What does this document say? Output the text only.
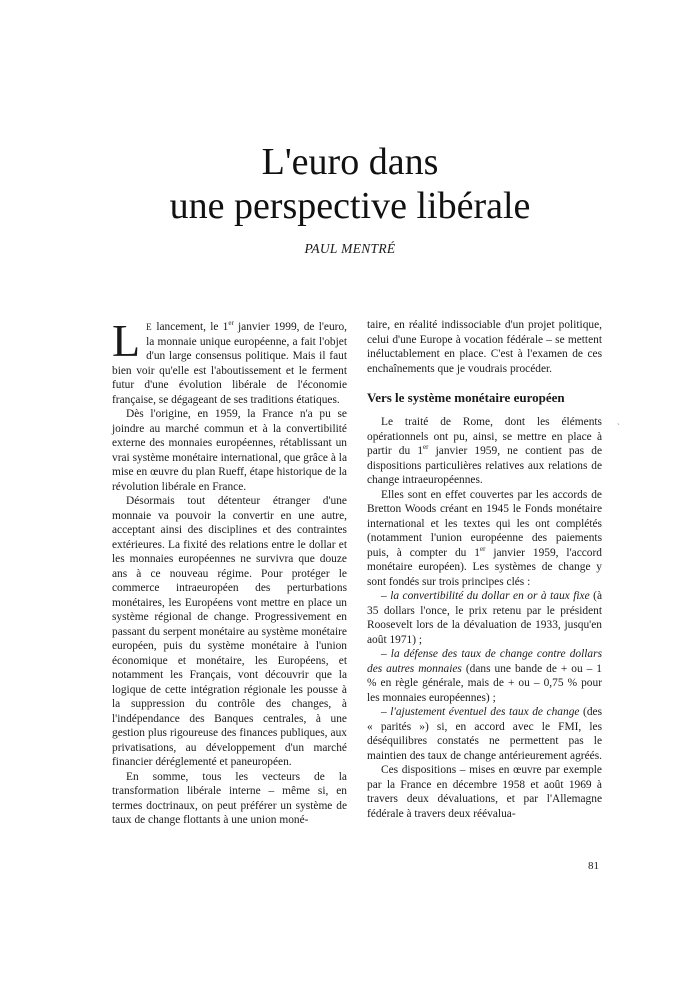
L'euro dans
une perspective libérale
PAUL MENTRÉ

L E lancement, le 1er janvier 1999, de l'euro, la monnaie unique européenne, a fait l'objet d'un large consensus politique. Mais il faut bien voir qu'elle est l'aboutissement et le ferment futur d'une évolution libérale de l'économie française, se dégageant de ses traditions étatiques.

Dès l'origine, en 1959, la France n'a pu se joindre au marché commun et à la convertibilité externe des monnaies européennes, rétablissant un vrai système monétaire international, que grâce à la mise en œuvre du plan Rueff, étape historique de la révolution libérale en France.

Désormais tout détenteur étranger d'une monnaie va pouvoir la convertir en une autre, acceptant ainsi des disciplines et des contraintes extérieures. La fixité des relations entre le dollar et les monnaies européennes ne survivra que douze ans à ce nouveau régime. Pour protéger le commerce intraeuropéen des perturbations monétaires, les Européens vont mettre en place un système régional de change. Progressivement en passant du serpent monétaire au système monétaire européen, puis du système monétaire à l'union économique et monétaire, les Européens, et notamment les Français, vont découvrir que la logique de cette intégration régionale les pousse à la suppression du contrôle des changes, à l'indépendance des Banques centrales, à une gestion plus rigoureuse des finances publiques, aux privatisations, au développement d'un marché financier déréglementé et paneuropéen.

En somme, tous les vecteurs de la transformation libérale interne – même si, en termes doctrinaux, on peut préférer un système de taux de change flottants à une union moné-

taire, en réalité indissociable d'un projet politique, celui d'une Europe à vocation fédérale – se mettent inéluctablement en place. C'est à l'examen de ces enchaînements que je voudrais procéder.

Vers le système monétaire européen

Le traité de Rome, dont les éléments opérationnels ont pu, ainsi, se mettre en place à partir du 1er janvier 1959, ne contient pas de dispositions particulières relatives aux relations de change intraeuropéennes.

Elles sont en effet couvertes par les accords de Bretton Woods créant en 1945 le Fonds monétaire international et les textes qui les ont complétés (notamment l'union européenne des paiements puis, à compter du 1er janvier 1959, l'accord monétaire européen). Les systèmes de change y sont fondés sur trois principes clés :

– la convertibilité du dollar en or à taux fixe (à 35 dollars l'once, le prix retenu par le président Roosevelt lors de la dévaluation de 1933, jusqu'en août 1971) ;

– la défense des taux de change contre dollars des autres monnaies (dans une bande de + ou – 1 % en règle générale, mais de + ou – 0,75 % pour les monnaies européennes) ;

– l'ajustement éventuel des taux de change (des « parités ») si, en accord avec le FMI, les déséquilibres constatés ne permettent pas le maintien des taux de change antérieurement agréés.

Ces dispositions – mises en œuvre par exemple par la France en décembre 1958 et août 1969 à travers deux dévaluations, et par l'Allemagne fédérale à travers deux réévalua-

`
81
